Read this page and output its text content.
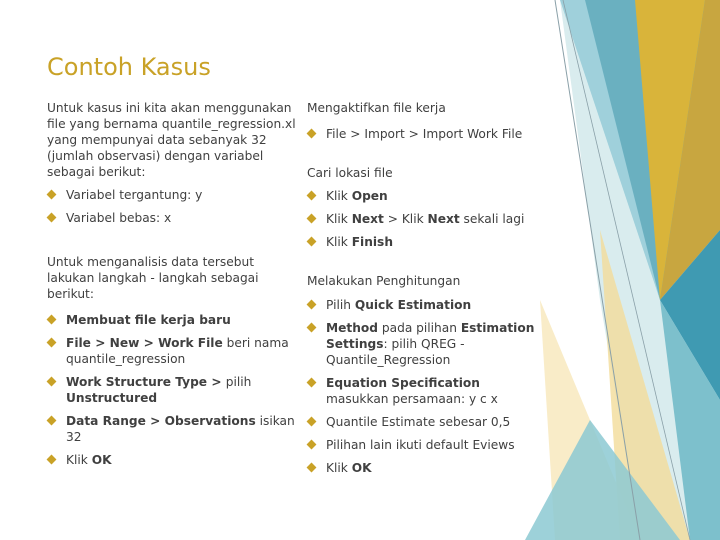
Contoh Kasus

Untuk kasus ini kita akan menggunakan file yang bernama quantile_regression.xl yang mempunyai data sebanyak 32 (jumlah observasi) dengan variabel sebagai berikut:

Variabel tergantung: y
Variabel bebas: x

Untuk menganalisis data tersebut lakukan langkah - langkah sebagai berikut:

Membuat file kerja baru
File > New > Work File beri nama quantile_regression
Work Structure Type > pilih Unstructured
Data Range > Observations isikan 32
Klik OK

Mengaktifkan file kerja

File > Import > Import Work File

Cari lokasi file

Klik Open
Klik Next > Klik Next sekali lagi
Klik Finish

Melakukan Penghitungan

Pilih Quick Estimation
Method pada pilihan Estimation Settings: pilih QREG - Quantile_Regression
Equation Specification masukkan persamaan: y c x
Quantile Estimate sebesar 0,5
Pilihan lain ikuti default Eviews
Klik OK
